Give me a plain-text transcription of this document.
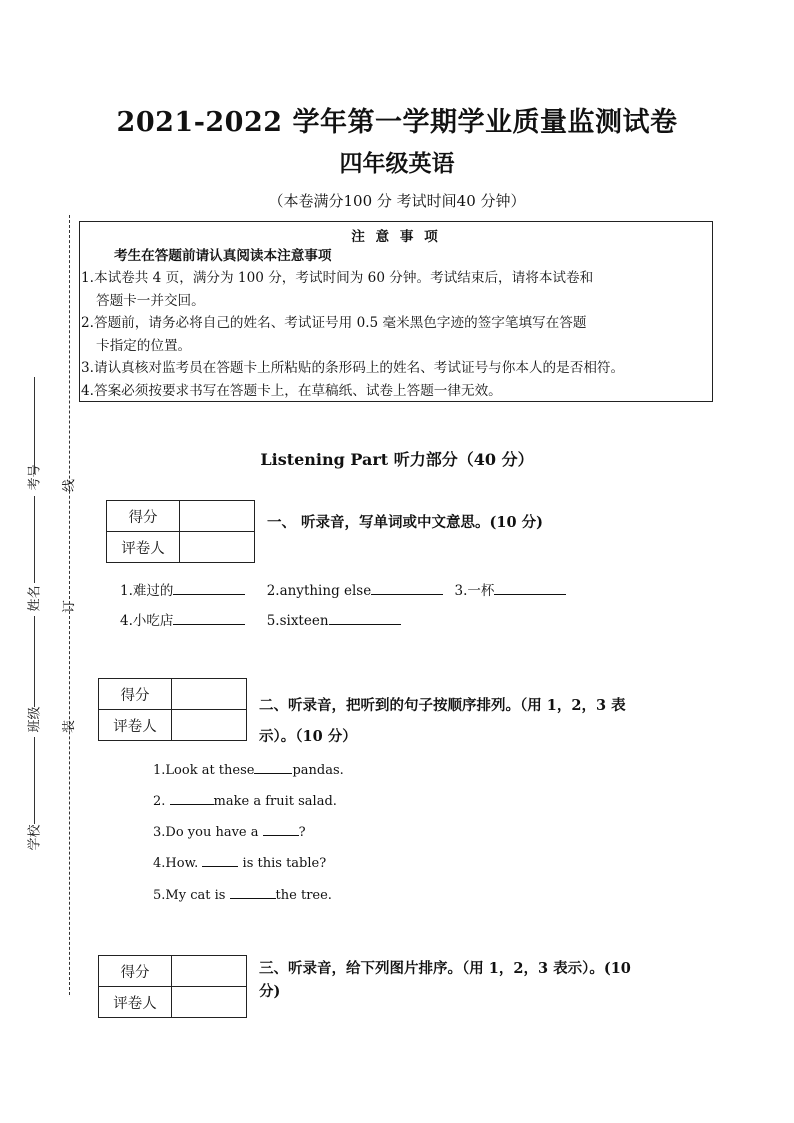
2021-2022 学年第一学期学业质量监测试卷
四年级英语
（本卷满分100 分 考试时间40 分钟）
注 意 事 项
考生在答题前请认真阅读本注意事项
1.本试卷共 4 页，满分为 100 分，考试时间为 60 分钟。考试结束后，请将本试卷和
答题卡一并交回。
2.答题前，请务必将自己的姓名、考试证号用 0.5 毫米黑色字迹的签字笔填写在答题
卡指定的位置。
3.请认真核对监考员在答题卡上所粘贴的条形码上的姓名、考试证号与你本人的是否相符。
4.答案必须按要求书写在答题卡上，在草稿纸、试卷上答题一律无效。
线
订
装
考号
姓名
班级
学校
Listening Part 听力部分（40 分）
得分	
评卷人	
一、 听录音，写单词或中文意思。(10 分)
1.难过的	2.anything else	3.一杯
4.小吃店	5.sixteen
得分	
评卷人	
二、听录音，把听到的句子按顺序排列。（用 1，2，3 表
示）。（10 分）
1.Look at these	pandas.
2.	make a fruit salad.
3.Do you have a	?
4.How.	is this table?
5.My cat is	the tree.
得分	
评卷人	
三、听录音，给下列图片排序。（用 1，2，3 表示）。(10
分)
